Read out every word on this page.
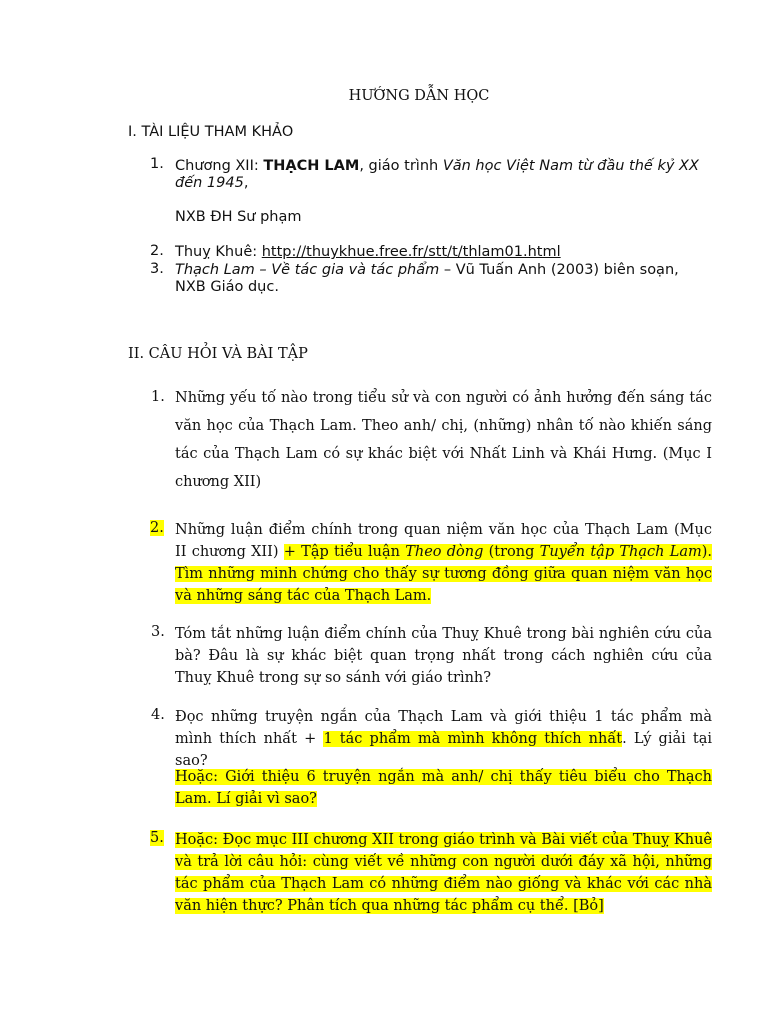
HƯỚNG DẪN HỌC
I. TÀI LIỆU THAM KHẢO
1. Chương XII: THẠCH LAM, giáo trình Văn học Việt Nam từ đầu thế kỷ XX đến 1945,
NXB ĐH Sư phạm
2. Thuỵ Khuê: http://thuykhue.free.fr/stt/t/thlam01.html
3. Thạch Lam – Về tác gia và tác phẩm – Vũ Tuấn Anh (2003) biên soạn, NXB Giáo dục.
II. CÂU HỎI VÀ BÀI TẬP
1. Những yếu tố nào trong tiểu sử và con người có ảnh hưởng đến sáng tác văn học của Thạch Lam. Theo anh/ chị, (những) nhân tố nào khiến sáng tác của Thạch Lam có sự khác biệt với Nhất Linh và Khái Hưng. (Mục I chương XII)
2. Những luận điểm chính trong quan niệm văn học của Thạch Lam (Mục II chương XII) + Tập tiểu luận Theo dòng (trong Tuyển tập Thạch Lam). Tìm những minh chứng cho thấy sự tương đồng giữa quan niệm văn học và những sáng tác của Thạch Lam.
3. Tóm tắt những luận điểm chính của Thuỵ Khuê trong bài nghiên cứu của bà? Đâu là sự khác biệt quan trọng nhất trong cách nghiên cứu của Thuỵ Khuê trong sự so sánh với giáo trình?
4. Đọc những truyện ngắn của Thạch Lam và giới thiệu 1 tác phẩm mà mình thích nhất + 1 tác phẩm mà mình không thích nhất. Lý giải tại sao?
Hoặc: Giới thiệu 6 truyện ngắn mà anh/ chị thấy tiêu biểu cho Thạch Lam. Lí giải vì sao?
5. Hoặc: Đọc mục III chương XII trong giáo trình và Bài viết của Thuỵ Khuê và trả lời câu hỏi: cùng viết về những con người dưới đáy xã hội, những tác phẩm của Thạch Lam có những điểm nào giống và khác với các nhà văn hiện thực? Phân tích qua những tác phẩm cụ thể. [Bỏ]
